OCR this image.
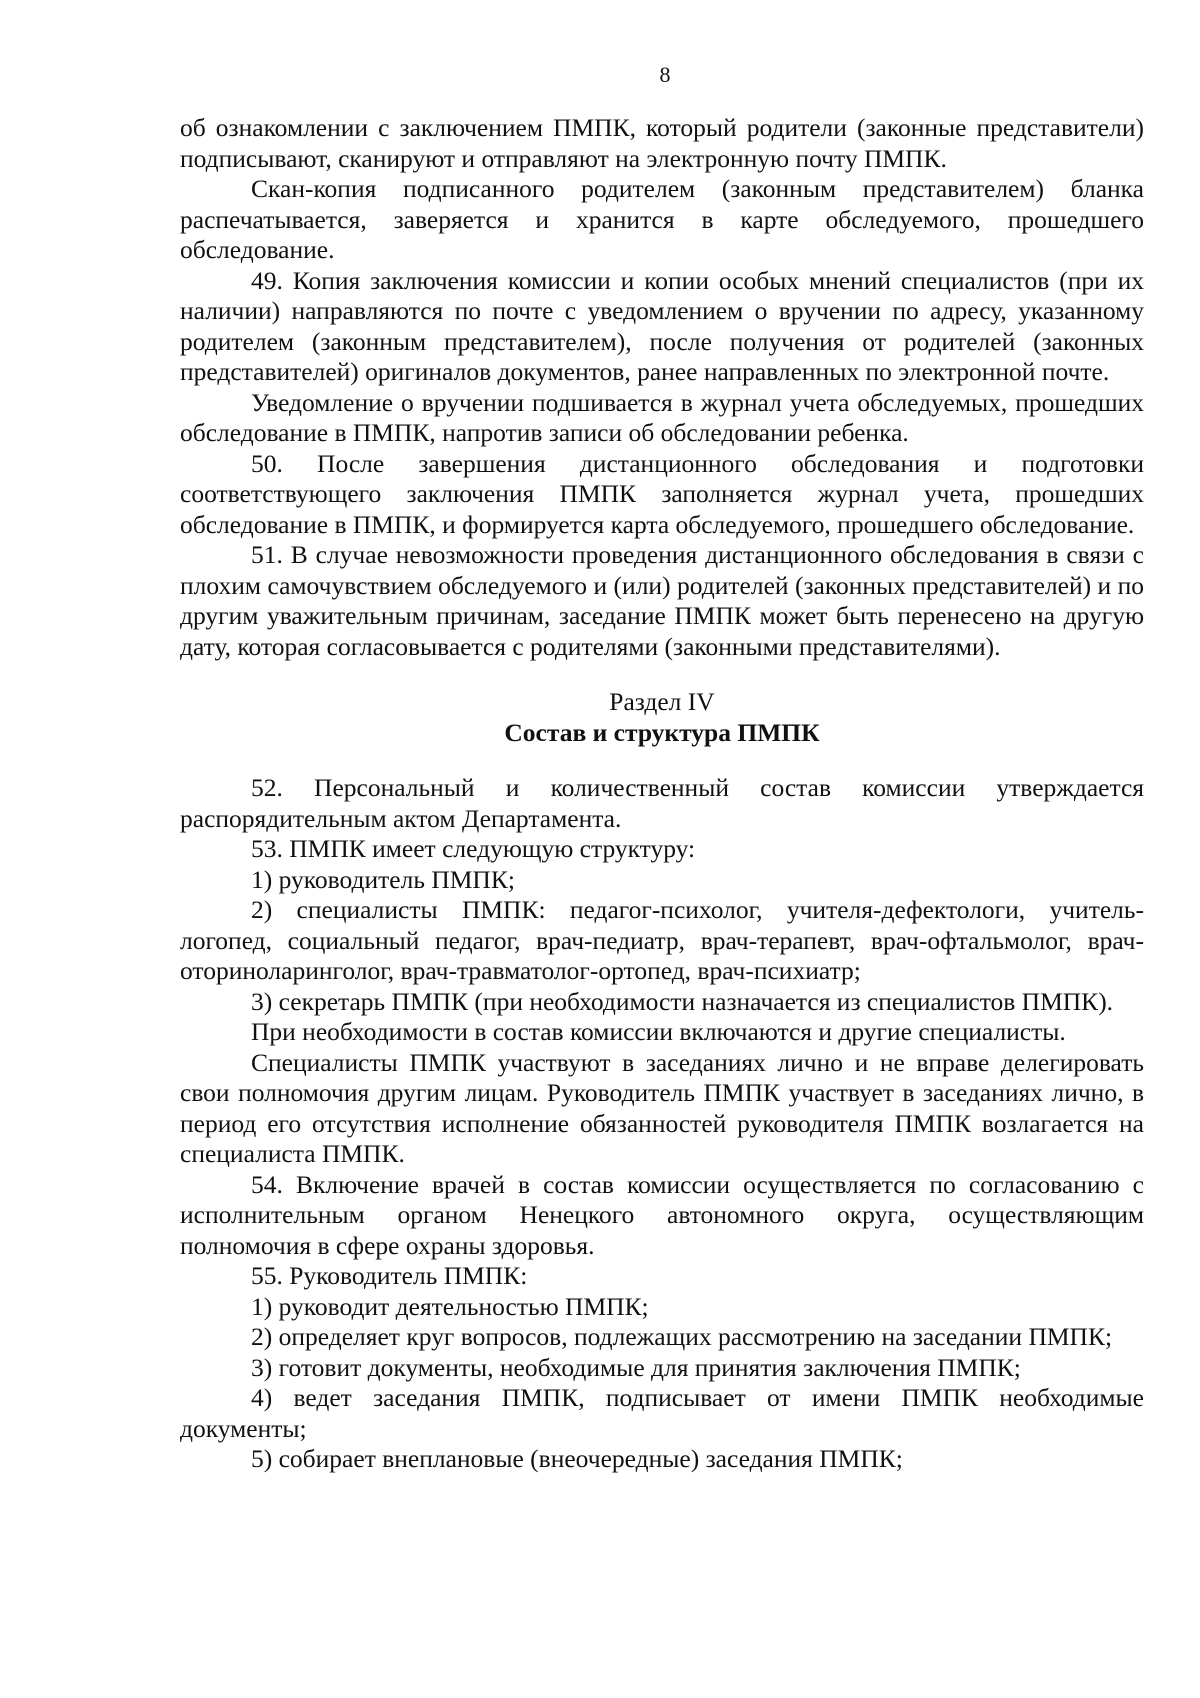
8

об ознакомлении с заключением ПМПК, который родители (законные представители) подписывают, сканируют и отправляют на электронную почту ПМПК.

Скан-копия подписанного родителем (законным представителем) бланка распечатывается, заверяется и хранится в карте обследуемого, прошедшего обследование.

49. Копия заключения комиссии и копии особых мнений специалистов (при их наличии) направляются по почте с уведомлением о вручении по адресу, указанному родителем (законным представителем), после получения от родителей (законных представителей) оригиналов документов, ранее направленных по электронной почте.

Уведомление о вручении подшивается в журнал учета обследуемых, прошедших обследование в ПМПК, напротив записи об обследовании ребенка.

50. После завершения дистанционного обследования и подготовки соответствующего заключения ПМПК заполняется журнал учета, прошедших обследование в ПМПК, и формируется карта обследуемого, прошедшего обследование.

51. В случае невозможности проведения дистанционного обследования в связи с плохим самочувствием обследуемого и (или) родителей (законных представителей) и по другим уважительным причинам, заседание ПМПК может быть перенесено на другую дату, которая согласовывается с родителями (законными представителями).

Раздел IV

Состав и структура ПМПК

52. Персональный и количественный состав комиссии утверждается распорядительным актом Департамента.

53. ПМПК имеет следующую структуру:

1) руководитель ПМПК;

2) специалисты ПМПК: педагог-психолог, учителя-дефектологи, учитель-логопед, социальный педагог, врач-педиатр, врач-терапевт, врач-офтальмолог, врач-оториноларинголог, врач-травматолог-ортопед, врач-психиатр;

3) секретарь ПМПК (при необходимости назначается из специалистов ПМПК).

При необходимости в состав комиссии включаются и другие специалисты.

Специалисты ПМПК участвуют в заседаниях лично и не вправе делегировать свои полномочия другим лицам. Руководитель ПМПК участвует в заседаниях лично, в период его отсутствия исполнение обязанностей руководителя ПМПК возлагается на специалиста ПМПК.

54. Включение врачей в состав комиссии осуществляется по согласованию с исполнительным органом Ненецкого автономного округа, осуществляющим полномочия в сфере охраны здоровья.

55. Руководитель ПМПК:

1) руководит деятельностью ПМПК;

2) определяет круг вопросов, подлежащих рассмотрению на заседании ПМПК;

3) готовит документы, необходимые для принятия заключения ПМПК;

4) ведет заседания ПМПК, подписывает от имени ПМПК необходимые документы;

5) собирает внеплановые (внеочередные) заседания ПМПК;
